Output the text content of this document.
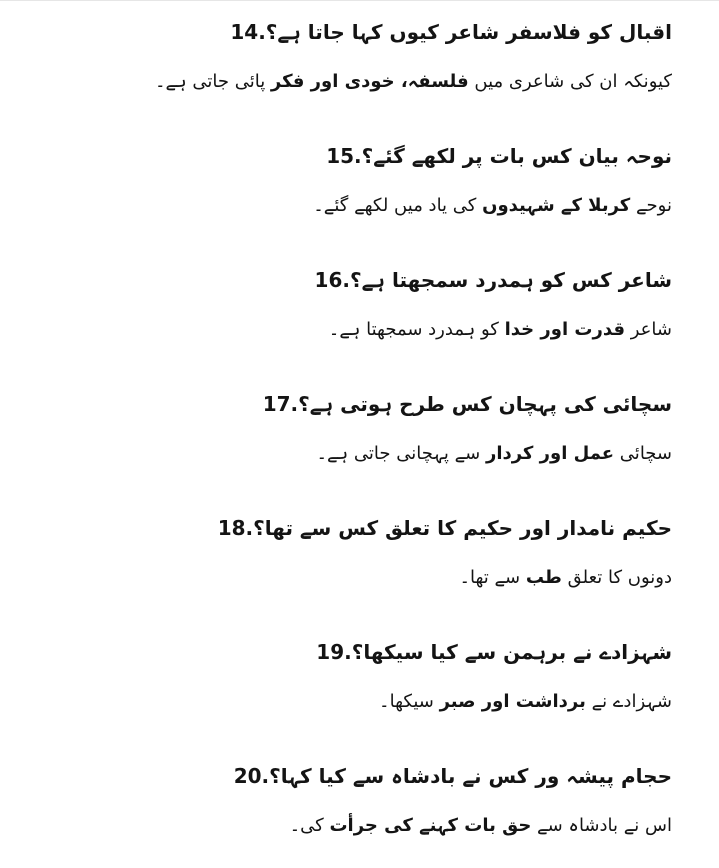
اقبال کو فلاسفر شاعر کیوں کہا جاتا ہے؟14.
کیونکہ ان کی شاعری میں فلسفہ، خودی اور فکر پائی جاتی ہے۔
نوحہ بیان کس بات پر لکھے گئے؟15.
نوحے کربلا کے شہیدوں کی یاد میں لکھے گئے۔
شاعر کس کو ہمدرد سمجھتا ہے؟16.
شاعر قدرت اور خدا کو ہمدرد سمجھتا ہے۔
سچائی کی پہچان کس طرح ہوتی ہے؟17.
سچائی عمل اور کردار سے پہچانی جاتی ہے۔
حکیم نامدار اور حکیم کا تعلق کس سے تھا؟18.
دونوں کا تعلق طب سے تھا۔
شہزادے نے برہمن سے کیا سیکھا؟19.
شہزادے نے برداشت اور صبر سیکھا۔
حجام پیشہ ور کس نے بادشاہ سے کیا کہا؟20.
اس نے بادشاہ سے حق بات کہنے کی جرأت کی۔
